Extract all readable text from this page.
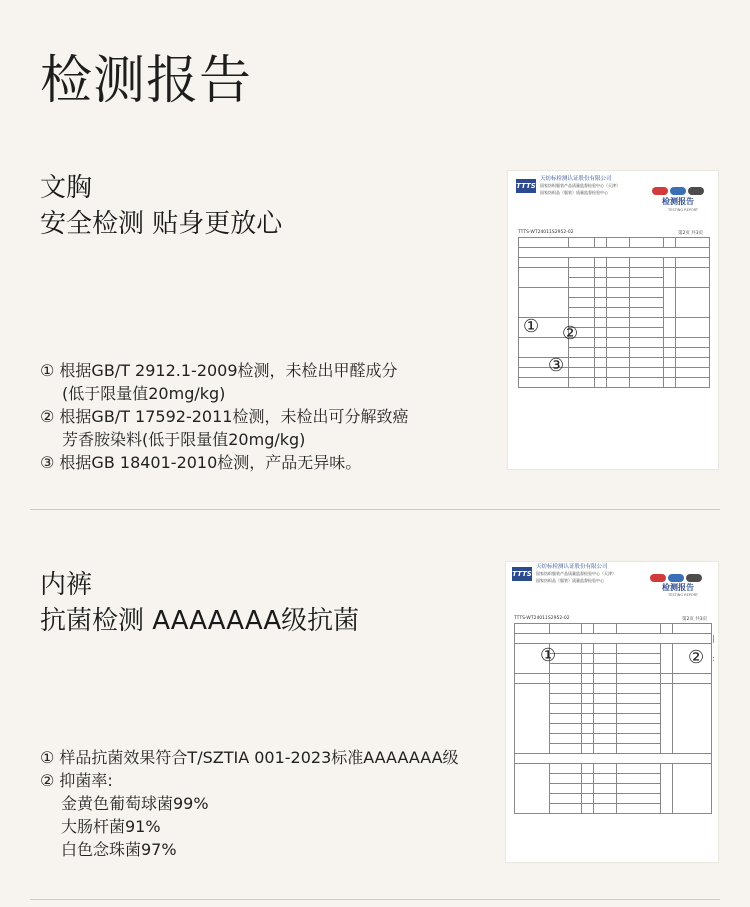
检测报告
文胸
安全检测 贴身更放心
① 根据GB/T 2912.1-2009检测，未检出甲醛成分
(低于限量值20mg/kg)
② 根据GB/T 17592-2011检测，未检出可分解致癌
芳香胺染料(低于限量值20mg/kg)
③ 根据GB 18401-2010检测，产品无异味。
TTTS
天纺标检测认证股份有限公司
国家纺织服装产品质量监督检验中心（天津）
国家纺织品（服装）质量监督检验中心
检测报告
TESTING REPORT
TTTS-WT24011S2952-02	第2页 共3页

① ②
③
内裤
抗菌检测 AAAAAAA级抗菌
① 样品抗菌效果符合T/SZTIA 001-2023标准AAAAAAA级
② 抑菌率:
金黄色葡萄球菌99%
大肠杆菌91%
白色念珠菌97%
TTTS
天纺标检测认证股份有限公司
国家纺织服装产品质量监督检验中心（天津）
国家纺织品（服装）质量监督检验中心
检测报告
TESTING REPORT
TTTS-WT24011S2952-02	第2页 共3页

①	②
|
:
